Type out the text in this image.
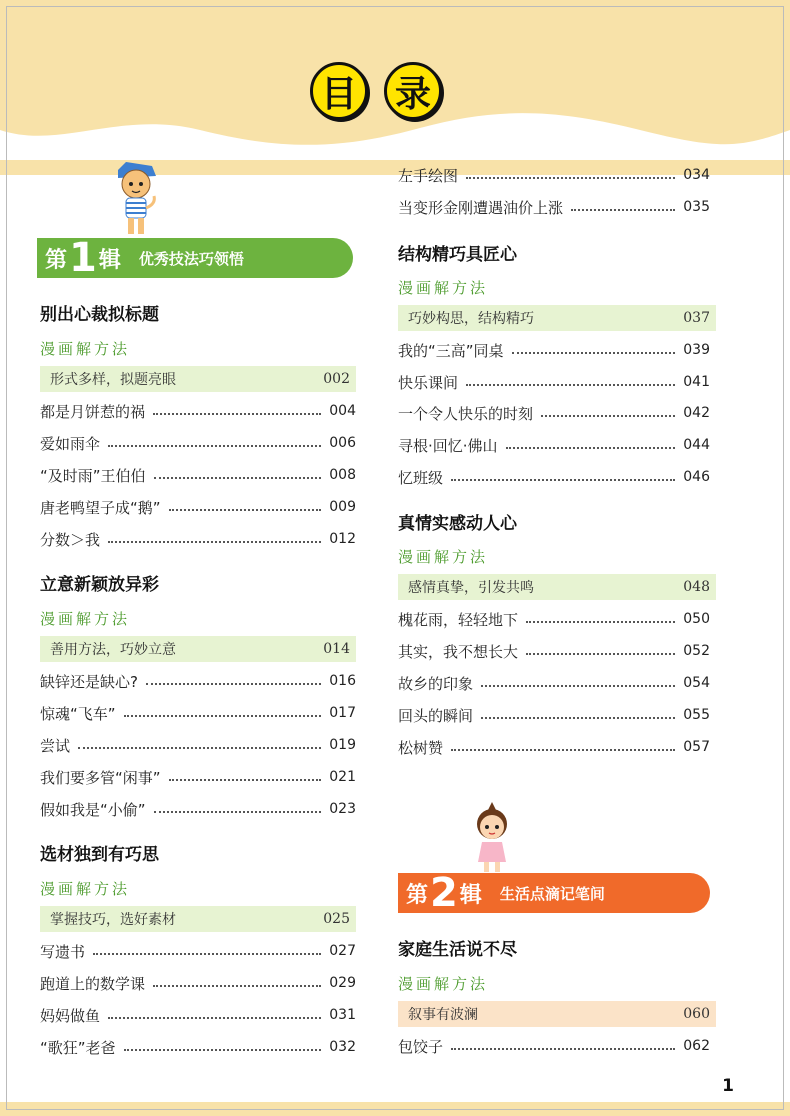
目	录
第 1 辑 优秀技法巧领悟
别出心裁拟标题
漫画解方法
形式多样，拟题亮眼	002
都是月饼惹的祸	004
爱如雨伞	006
“及时雨”王伯伯	008
唐老鸭望子成“鹅”	009
分数＞我	012
立意新颖放异彩
漫画解方法
善用方法，巧妙立意	014
缺锌还是缺心?	016
惊魂“飞车”	017
尝试	019
我们要多管“闲事”	021
假如我是“小偷”	023
选材独到有巧思
漫画解方法
掌握技巧，选好素材	025
写遗书	027
跑道上的数学课	029
妈妈做鱼	031
“歌狂”老爸	032
左手绘图	034
当变形金刚遭遇油价上涨	035
结构精巧具匠心
漫画解方法
巧妙构思，结构精巧	037
我的“三高”同桌	039
快乐课间	041
一个令人快乐的时刻	042
寻根·回忆·佛山	044
忆班级	046
真情实感动人心
漫画解方法
感情真挚，引发共鸣	048
槐花雨，轻轻地下	050
其实，我不想长大	052
故乡的印象	054
回头的瞬间	055
松树赞	057
第 2 辑 生活点滴记笔间
家庭生活说不尽
漫画解方法
叙事有波澜	060
包饺子	062
1
